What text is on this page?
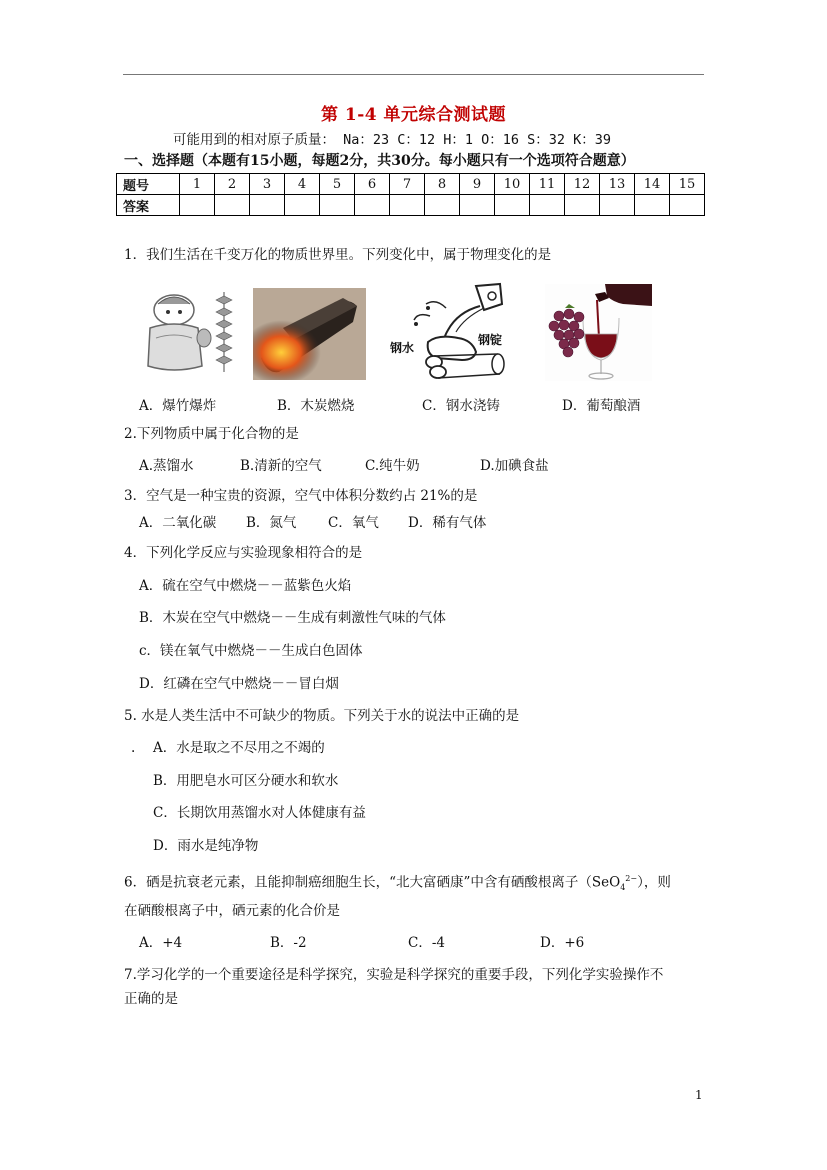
第 1-4 单元综合测试题
可能用到的相对原子质量： Na：23 C：12 H：1 O：16 S：32 K：39
一、选择题（本题有15小题，每题2分，共30分。每小题只有一个选项符合题意）
题号	1	2	3	4	5	6	7	8	9	10	11	12	13	14	15
答案															
1．我们生活在千变万化的物质世界里。下列变化中，属于物理变化的是
钢水
钢锭
A．爆竹爆炸	B．木炭燃烧	C．钢水浇铸	D．葡萄酿酒
2.下列物质中属于化合物的是
A.蒸馏水	B.清新的空气	C.纯牛奶	D.加碘食盐
3．空气是一种宝贵的资源，空气中体积分数约占 21%的是
A．二氧化碳 B．氮气 C．氧气 D．稀有气体
4．下列化学反应与实验现象相符合的是
A．硫在空气中燃烧－－蓝紫色火焰
B．木炭在空气中燃烧－－生成有刺激性气味的气体
c．镁在氧气中燃烧－－生成白色固体
D．红磷在空气中燃烧－－冒白烟
5. 水是人类生活中不可缺少的物质。下列关于水的说法中正确的是
. A．水是取之不尽用之不竭的
B．用肥皂水可区分硬水和软水
C．长期饮用蒸馏水对人体健康有益
D．雨水是纯净物
6．硒是抗衰老元素，且能抑制癌细胞生长，“北大富硒康”中含有硒酸根离子（SeO$_4^{2-}$），则
在硒酸根离子中，硒元素的化合价是
A．+4	B．-2	C．-4	D．+6
7.学习化学的一个重要途径是科学探究，实验是科学探究的重要手段，下列化学实验操作不
正确的是
1
